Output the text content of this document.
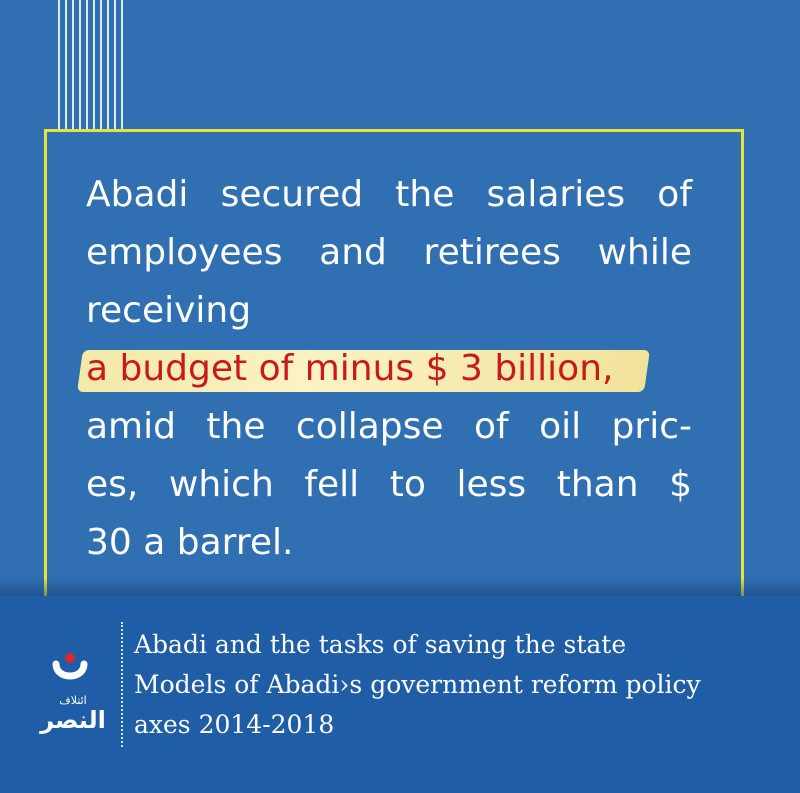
Abadi secured the salaries of
employees and retirees while
receiving
a budget of minus $ 3 billion,
amid the collapse of oil pric-
es, which fell to less than $
30 a barrel.
ائتلاف
النصر
Abadi and the tasks of saving the state
Models of Abadi›s government reform policy
axes 2014-2018
